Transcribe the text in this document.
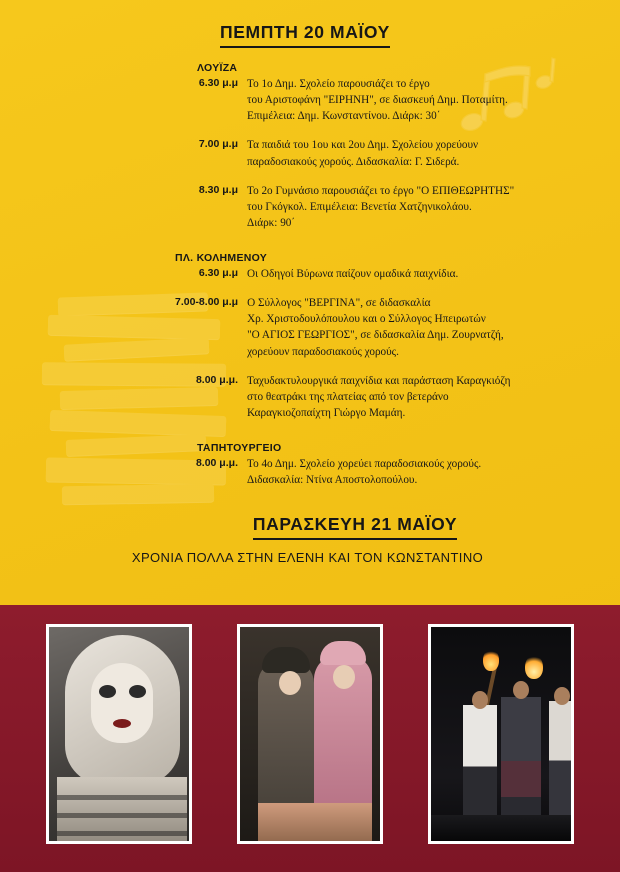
ΠΕΜΠΤΗ 20 ΜΑΪΟΥ
ΛΟΥΪΖΑ
6.30 μ.μ Το 1ο Δημ. Σχολείο παρουσιάζει το έργο
του Αριστοφάνη "ΕΙΡΗΝΗ", σε διασκευή Δημ. Ποταμίτη.
Επιμέλεια: Δημ. Κωνσταντίνου. Διάρκ: 30΄
7.00 μ.μ Τα παιδιά του 1ου και 2ου Δημ. Σχολείου χορεύουν
παραδοσιακούς χορούς. Διδασκαλία: Γ. Σιδερά.
8.30 μ.μ Το 2ο Γυμνάσιο παρουσιάζει το έργο "Ο ΕΠΙΘΕΩΡΗΤΗΣ"
του Γκόγκολ. Επιμέλεια: Βενετία Χατζηνικολάου.
Διάρκ: 90΄
ΠΛ. ΚΟΛΗΜΕΝΟΥ
6.30 μ.μ Οι Οδηγοί Βύρωνα παίζουν ομαδικά παιχνίδια.
7.00-8.00 μ.μ Ο Σύλλογος "ΒΕΡΓΙΝΑ", σε διδασκαλία
Χρ. Χριστοδουλόπουλου και ο Σύλλογος Ηπειρωτών
"Ο ΑΓΙΟΣ ΓΕΩΡΓΙΟΣ", σε διδασκαλία Δημ. Ζουρνατζή,
χορεύουν παραδοσιακούς χορούς.
8.00 μ.μ. Ταχυδακτυλουργικά παιχνίδια και παράσταση Καραγκιόζη
στο θεατράκι της πλατείας από τον βετεράνο
Καραγκιοζοπαίχτη Γιώργο Μαμάη.
ΤΑΠΗΤΟΥΡΓΕΙΟ
8.00 μ.μ. Το 4ο Δημ. Σχολείο χορεύει παραδοσιακούς χορούς.
Διδασκαλία: Ντίνα Αποστολοπούλου.
ΠΑΡΑΣΚΕΥΗ 21 ΜΑΪΟΥ

ΧΡΟΝΙΑ ΠΟΛΛΑ ΣΤΗΝ ΕΛΕΝΗ ΚΑΙ ΤΟΝ ΚΩΝΣΤΑΝΤΙΝΟ
